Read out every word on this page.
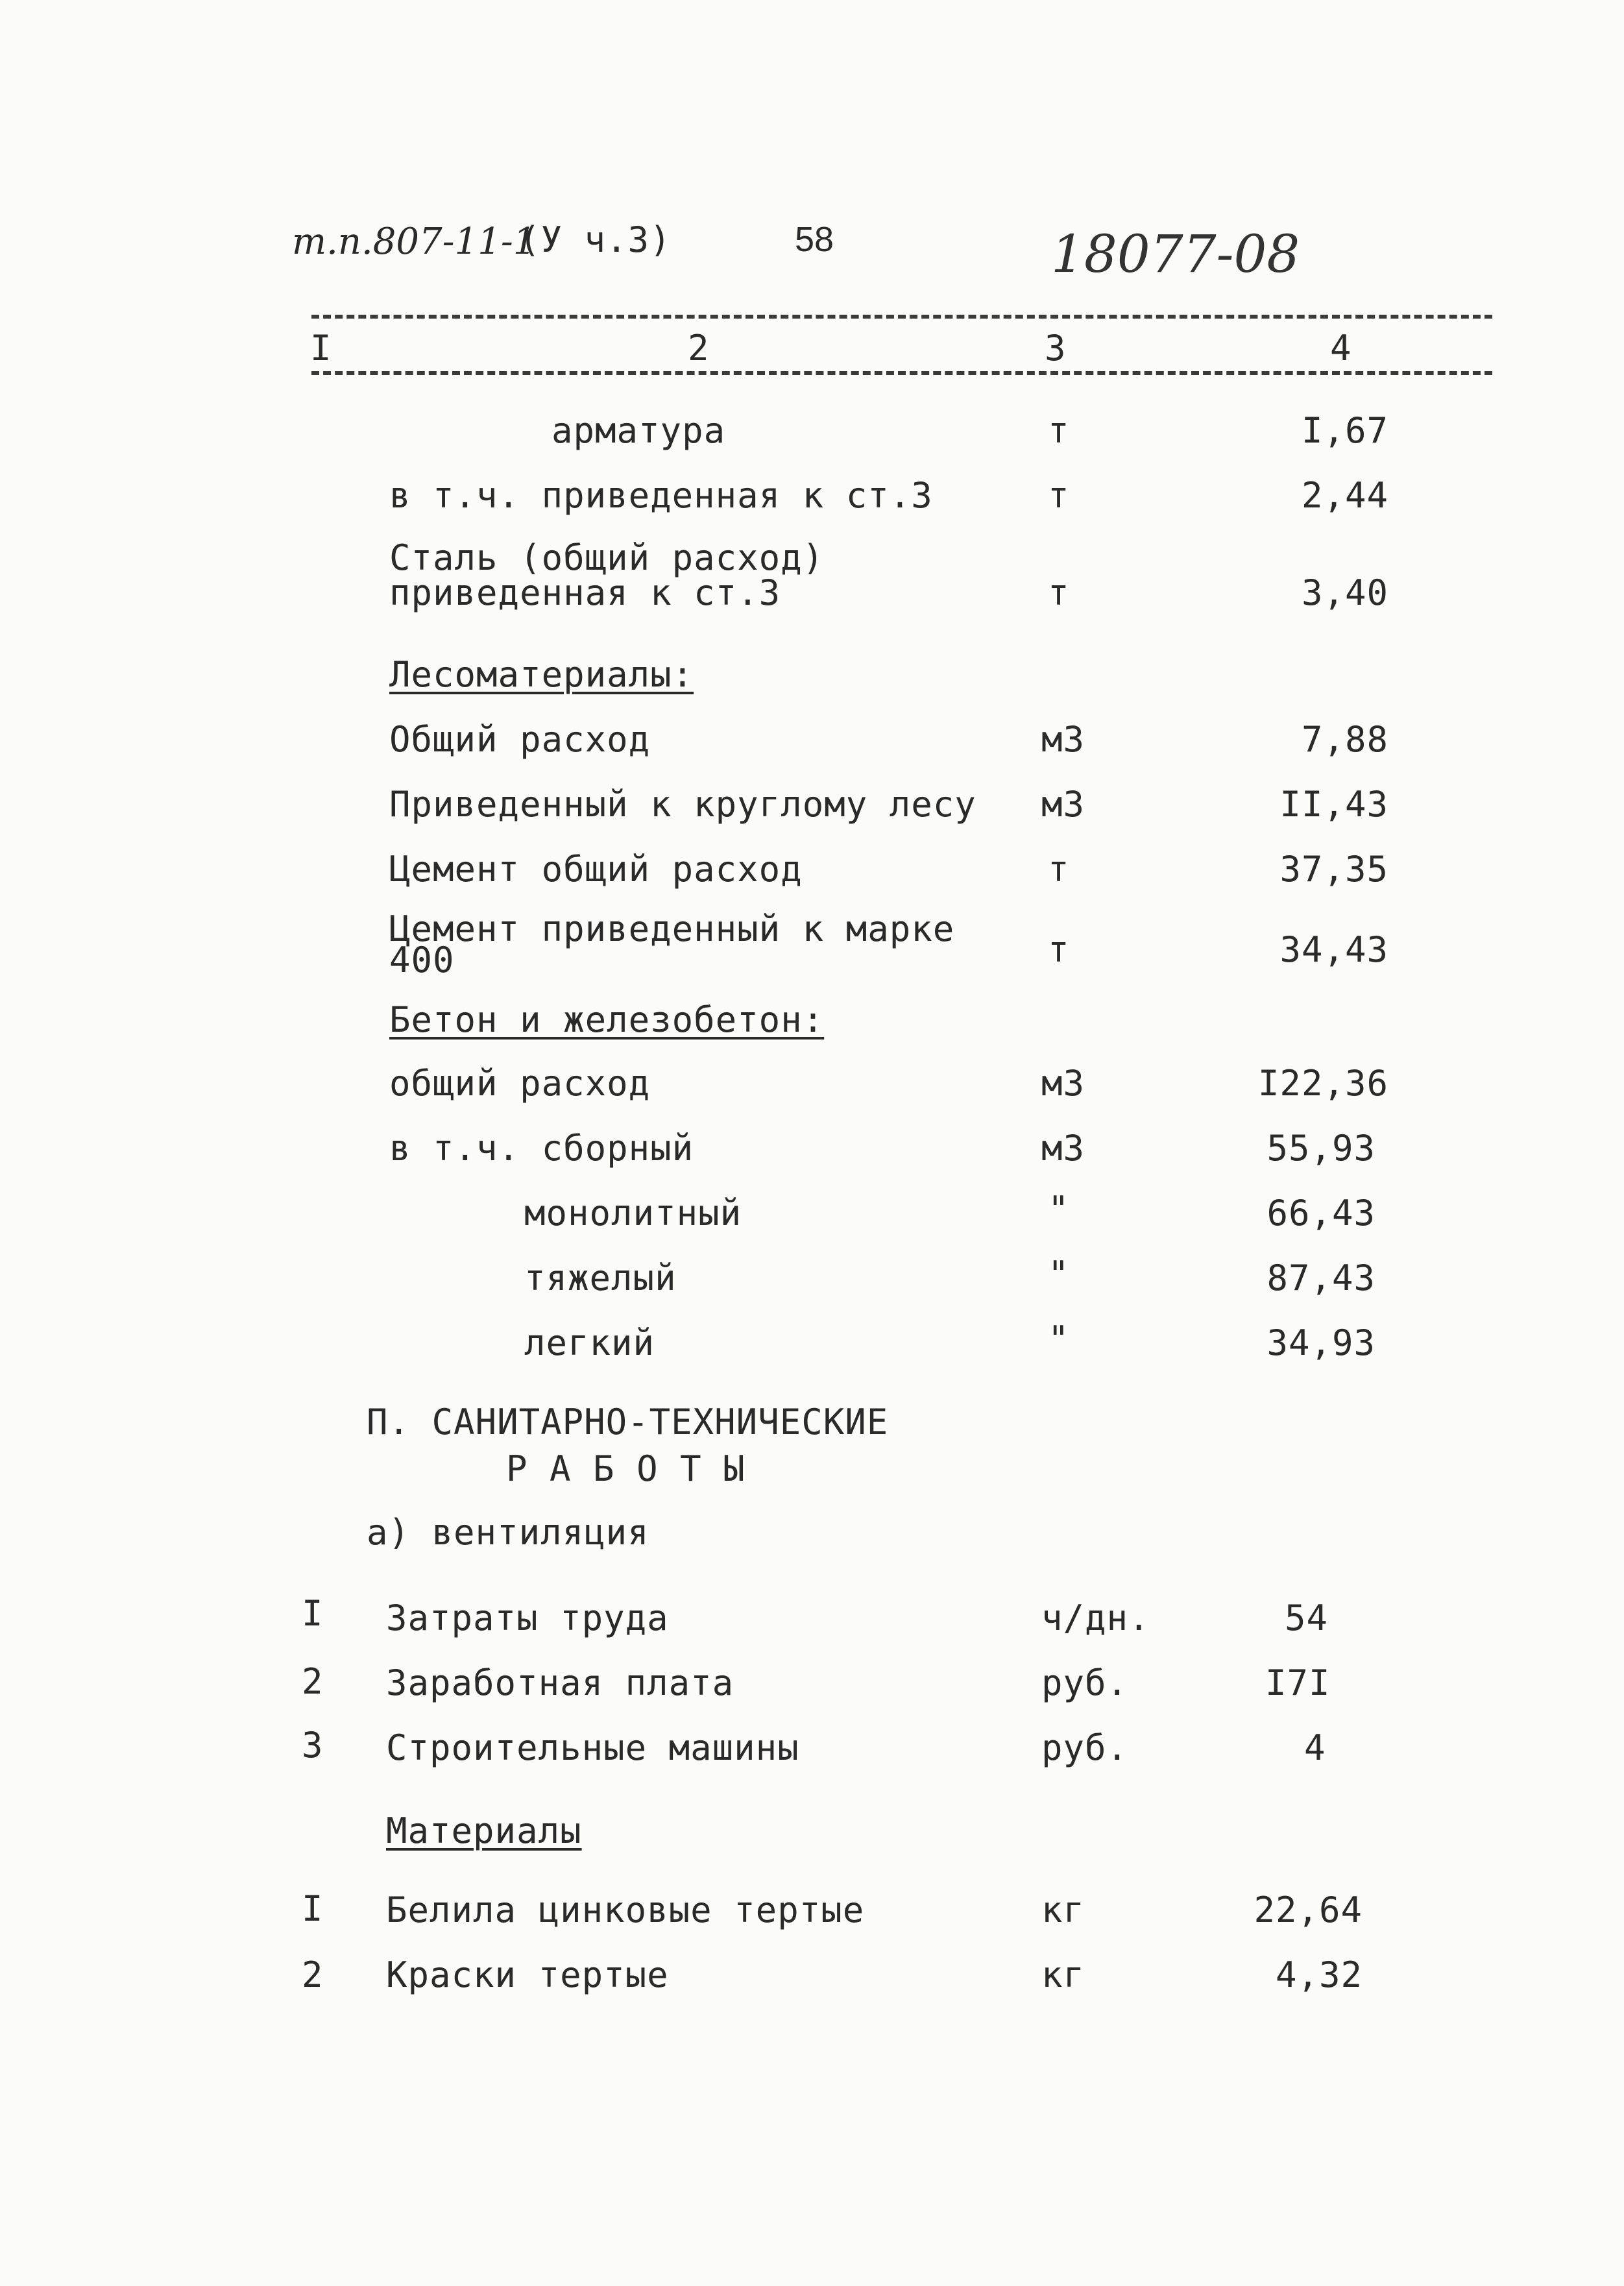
т.п.807-11-1
(У ч.3)	58	18077-08
I	2	3	4
арматура	т	I,67
в т.ч. приведенная к ст.3	т	2,44
Сталь (общий расход)
приведенная к ст.3	т	3,40
Лесоматериалы:
Общий расход	м3	7,88
Приведенный к круглому лесу м3	II,43
Цемент общий расход	т	37,35
Цемент приведенный к марке
400	т	34,43
Бетон и железобетон:
общий расход	м3	I22,36
в т.ч. сборный	м3	55,93
монолитный	"	66,43
тяжелый	"	87,43
легкий	"	34,93
П. САНИТАРНО-ТЕХНИЧЕСКИЕ
Р А Б О Т Ы
а) вентиляция
I Затраты труда	ч/дн.	54
2 Заработная плата	руб.	I7I
3 Строительные машины	руб.	4
Материалы
I Белила цинковые тертые	кг	22,64
2 Краски тертые	кг	4,32
